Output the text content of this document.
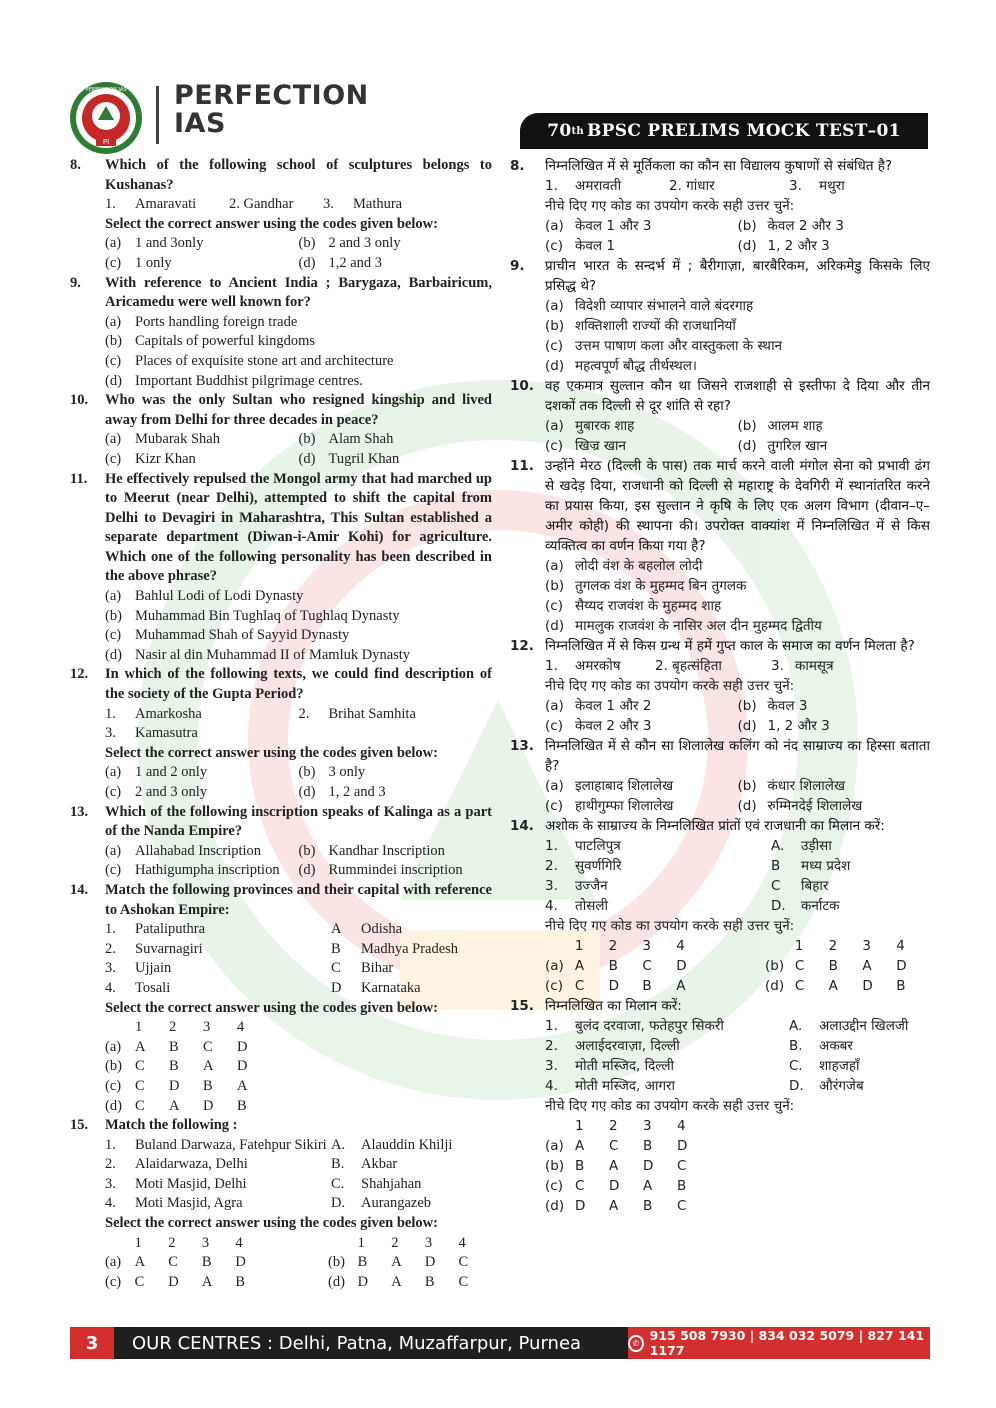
PI
PERFECTION IAS PERFECTION
IAS	70 th BPSC PRELIMS MOCK TEST–01
8.	Which of the following school of sculptures belongs to Kushanas?
1.	Amaravati	2. Gandhar	3.	Mathura
Select the correct answer using the codes given below:
(a) 1 and 3only	(b) 2 and 3 only
(c) 1 only	(d) 1,2 and 3
9.	With reference to Ancient India ; Barygaza, Barbairicum, Aricamedu were well known for?
(a) Ports handling foreign trade
(b) Capitals of powerful kingdoms
(c) Places of exquisite stone art and architecture
(d) Important Buddhist pilgrimage centres.
10.	Who was the only Sultan who resigned kingship and lived away from Delhi for three decades in peace?
(a) Mubarak Shah	(b) Alam Shah
(c) Kizr Khan	(d) Tugril Khan
11.	He effectively repulsed the Mongol army that had marched up to Meerut (near Delhi), attempted to shift the capital from Delhi to Devagiri in Maharashtra, This Sultan established a separate department (Diwan-i-Amir Kohi) for agriculture. Which one of the following personality has been described in the above phrase?
(a) Bahlul Lodi of Lodi Dynasty
(b) Muhammad Bin Tughlaq of Tughlaq Dynasty
(c) Muhammad Shah of Sayyid Dynasty
(d) Nasir al din Muhammad II of Mamluk Dynasty
12.	In which of the following texts, we could find description of the society of the Gupta Period?
1.	Amarkosha	2.	Brihat Samhita
3.	Kamasutra
Select the correct answer using the codes given below:
(a) 1 and 2 only	(b) 3 only
(c) 2 and 3 only	(d) 1, 2 and 3
13.	Which of the following inscription speaks of Kalinga as a part of the Nanda Empire?
(a) Allahabad Inscription	(b) Kandhar Inscription
(c) Hathigumpha inscription (d) Rummindei inscription
14.	Match the following provinces and their capital with reference to Ashokan Empire:
1.	Pataliputhra	A	Odisha
2.	Suvarnagiri	B	Madhya Pradesh
3.	Ujjain	C	Bihar
4.	Tosali	D	Karnataka
Select the correct answer using the codes given below:
1	2	3	4
(a) A	B	C	D
(b) C	B	A	D
(c) C	D	B	A
(d) C	A	D	B
15.	Match the following :
1.	Buland Darwaza, Fatehpur Sikiri A.	Alauddin Khilji
2.	Alaidarwaza, Delhi	B.	Akbar
3.	Moti Masjid, Delhi	C.	Shahjahan
4.	Moti Masjid, Agra	D.	Aurangazeb
Select the correct answer using the codes given below:
1	2	3	4	1	2	3	4
(a) A	C	B	D	(b) B	A	D	C
(c) C	D	A	B	(d) D	A	B	C
8.	निम्नलिखित में से मूर्तिकला का कौन सा विद्यालय कुषाणों से संबंधित है?
1.	अमरावती	2. गांधार	3.	मथुरा
नीचे दिए गए कोड का उपयोग करके सही उत्तर चुनें:
(a) केवल 1 और 3	(b) केवल 2 और 3
(c) केवल 1	(d) 1, 2 और 3
9.	प्राचीन भारत के सन्दर्भ में ; बैरीगाज़ा, बारबैरिकम, अरिकमेडु किसके लिए प्रसिद्ध थे?
(a) विदेशी व्यापार संभालने वाले बंदरगाह
(b) शक्तिशाली राज्यों की राजधानियाँ
(c) उत्तम पाषाण कला और वास्तुकला के स्थान
(d) महत्वपूर्ण बौद्ध तीर्थस्थल।
10. वह एकमात्र सुल्तान कौन था जिसने राजशाही से इस्तीफा दे दिया और तीन दशकों तक दिल्ली से दूर शांति से रहा?
(a) मुबारक शाह	(b) आलम शाह
(c) खिज्र खान	(d) तुगरिल खान
11. उन्होंने मेरठ (दिल्ली के पास) तक मार्च करने वाली मंगोल सेना को प्रभावी ढंग से खदेड़ दिया, राजधानी को दिल्ली से महाराष्ट्र के देवगिरी में स्थानांतरित करने का प्रयास किया, इस सुल्तान ने कृषि के लिए एक अलग विभाग (दीवान–ए–अमीर कोही) की स्थापना की। उपरोक्त वाक्यांश में निम्नलिखित में से किस व्यक्तित्व का वर्णन किया गया है?
(a) लोदी वंश के बहलोल लोदी
(b) तुगलक वंश के मुहम्मद बिन तुगलक
(c) सैय्यद राजवंश के मुहम्मद शाह
(d) मामलुक राजवंश के नासिर अल दीन मुहम्मद द्वितीय
12. निम्नलिखित में से किस ग्रन्थ में हमें गुप्त काल के समाज का वर्णन मिलता है?
1.	अमरकोष	2. बृहत्संहिता	3. कामसूत्र
नीचे दिए गए कोड का उपयोग करके सही उत्तर चुनें:
(a) केवल 1 और 2	(b) केवल 3
(c) केवल 2 और 3	(d) 1, 2 और 3
13. निम्नलिखित में से कौन सा शिलालेख कलिंग को नंद साम्राज्य का हिस्सा बताता है?
(a) इलाहाबाद शिलालेख	(b) कंधार शिलालेख
(c) हाथीगुम्फा शिलालेख	(d) रुम्मिनदेई शिलालेख
14. अशोक के साम्राज्य के निम्नलिखित प्रांतों एवं राजधानी का मिलान करें:
1.	पाटलिपुत्र	A.	उड़ीसा
2.	सुवर्णगिरि	B	मध्य प्रदेश
3.	उज्जैन	C	बिहार
4.	तोसली	D.	कर्नाटक
नीचे दिए गए कोड का उपयोग करके सही उत्तर चुनें:
1	2	3	4	1	2	3	4
(a) A	B	C	D	(b) C	B	A	D
(c) C	D	B	A	(d) C	A	D	B
15. निम्नलिखित का मिलान करें:
1.	बुलंद दरवाजा, फतेहपुर सिकरी	A.	अलाउद्दीन खिलजी
2.	अलाईदरवाज़ा, दिल्ली	B.	अकबर
3.	मोती मस्जिद, दिल्ली	C.	शाहजहाँ
4.	मोती मस्जिद, आगरा	D.	औरंगजेब
नीचे दिए गए कोड का उपयोग करके सही उत्तर चुनें:
1	2	3	4
(a) A	C	B	D
(b) B	A	D	C
(c) C	D	A	B
(d) D	A	B	C
3	OUR CENTRES : Delhi, Patna, Muzaffarpur, Purnea	✆ 915 508 7930 | 834 032 5079 | 827 141 1177
